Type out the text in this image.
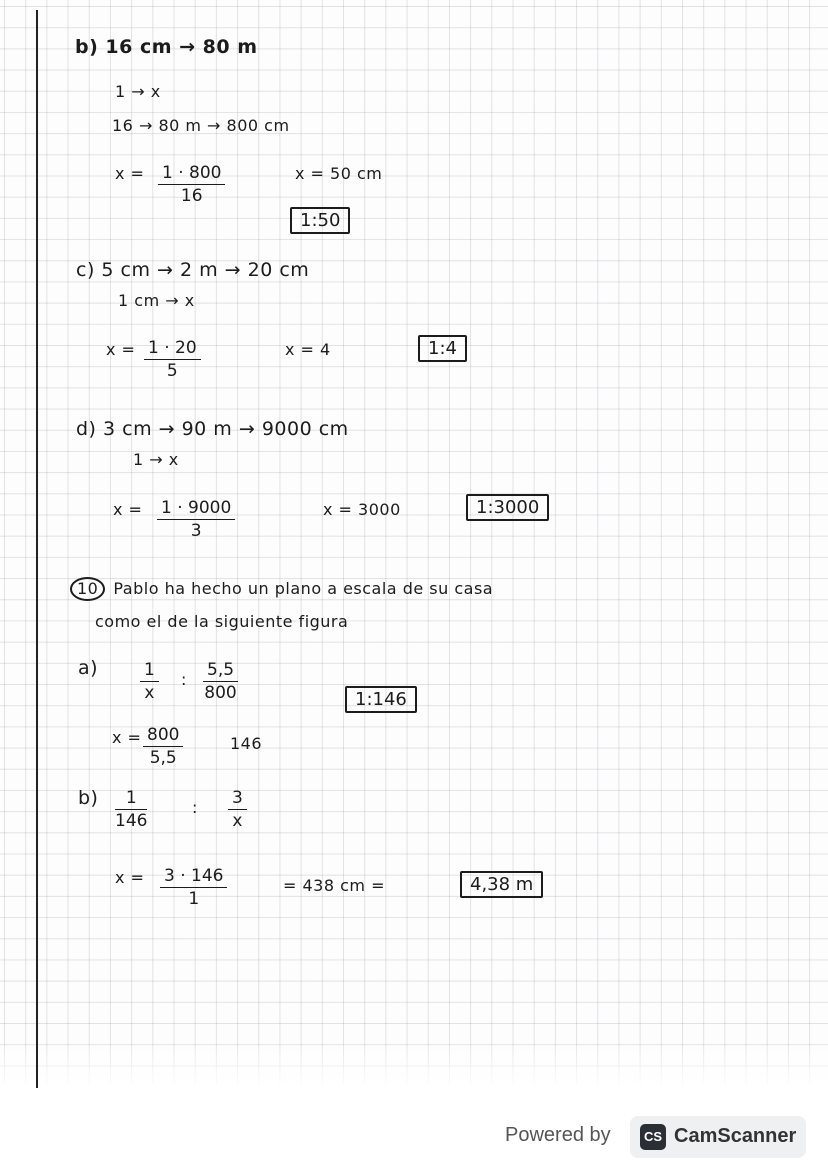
b) 16 cm → 80 m
1 → x
16 → 80 m → 800 cm
$x = \frac{1 \cdot 800}{16}$	x = 50 cm
1:50
c) 5 cm → 2 m → 20 cm
1 cm → x
$x = \frac{1 \cdot 20}{5}$	x = 4	1:4
d) 3 cm → 90 m → 9000 cm
1 → x
$x = \frac{1 \cdot 9000}{3}$	x = 3000	1:3000
10 Pablo ha hecho un plano a escala de su casa
como el de la siguiente figura
$a) \frac{1}{x}$ : $\frac{5,5}{800}$	1:146
$x = \frac{800}{5,5}$	146
$b) \frac{1}{146}$	: $\frac{3}{x}$
$x = \frac{3 \cdot 146}{1}$	= 438 cm =	4,38 m
Powered by	CS CamScanner
